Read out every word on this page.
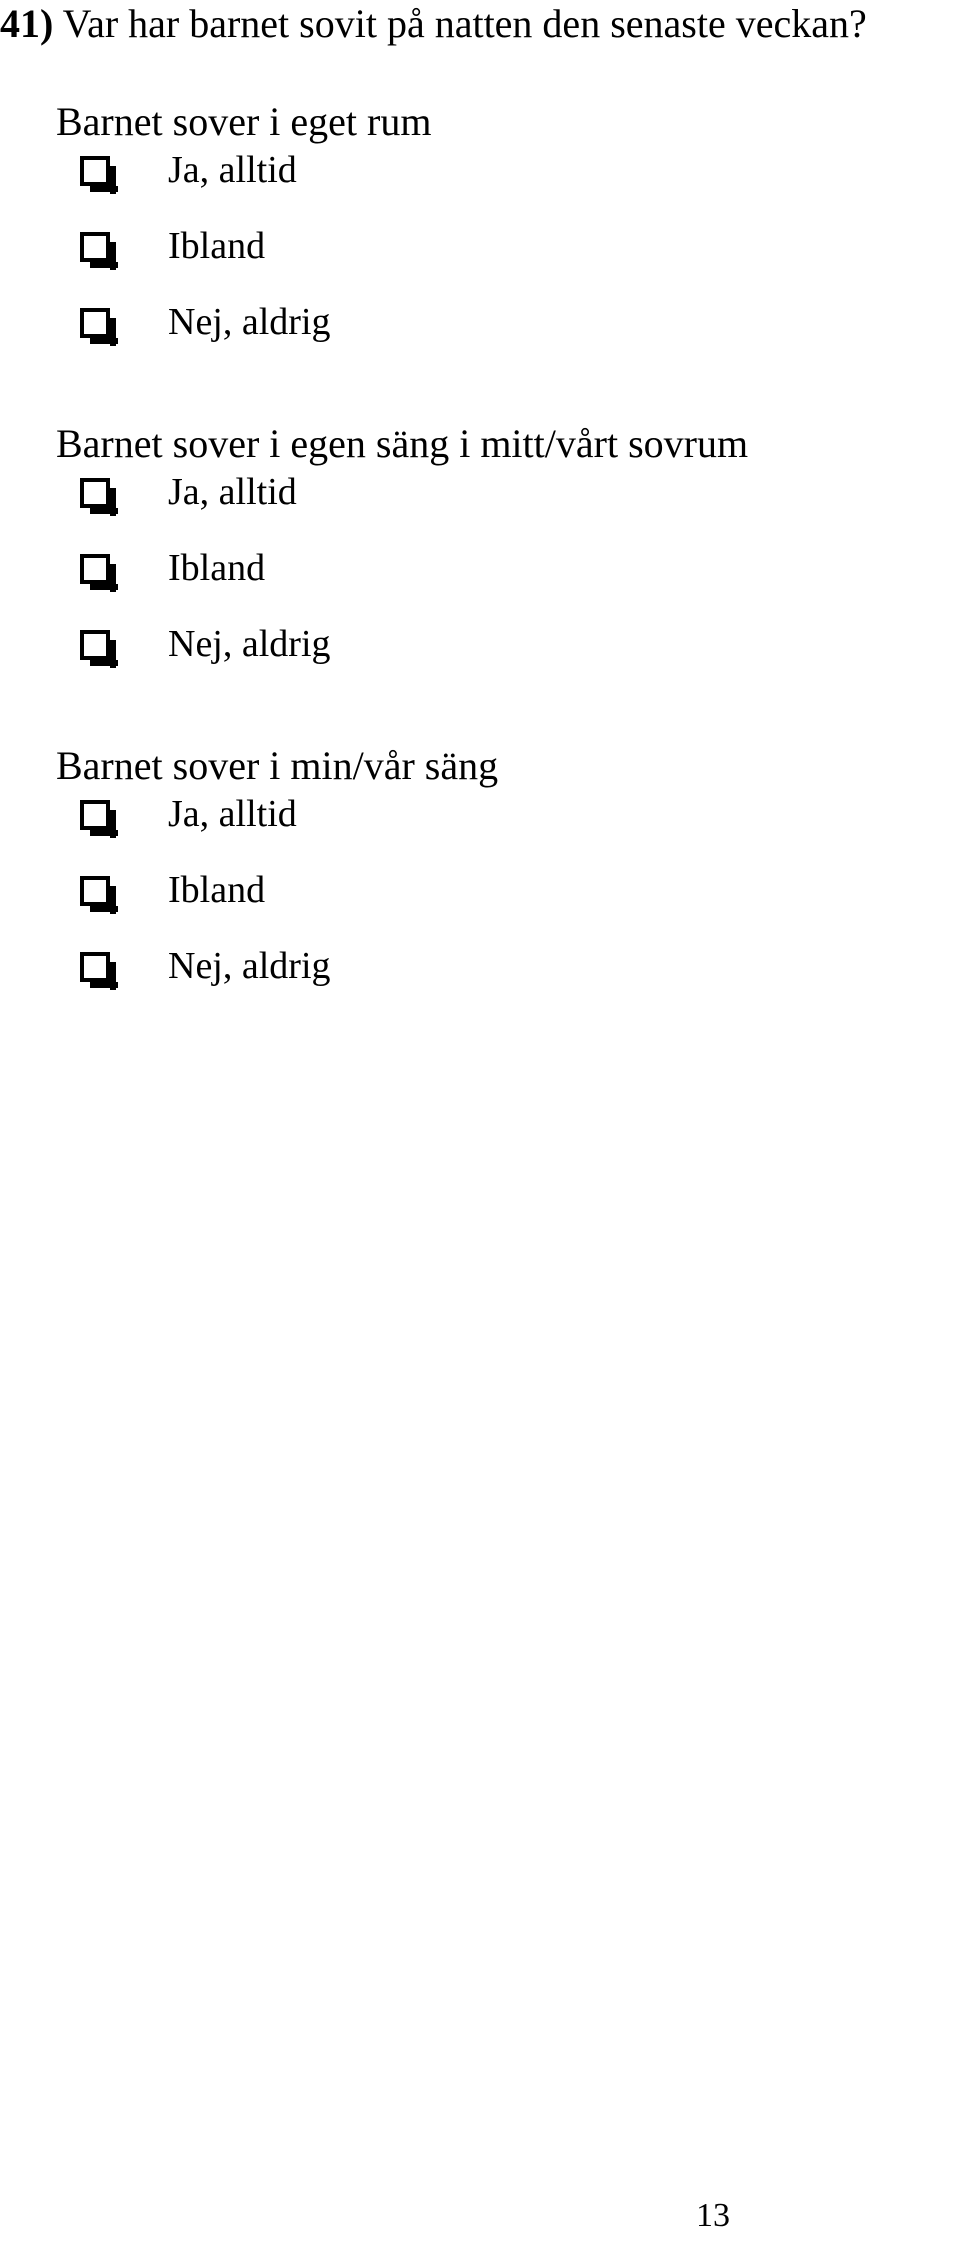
41) Var har barnet sovit på natten den senaste veckan?
Barnet sover i eget rum
Ja, alltid
Ibland
Nej, aldrig
Barnet sover i egen säng i mitt/vårt sovrum
Ja, alltid
Ibland
Nej, aldrig
Barnet sover i min/vår säng
Ja, alltid
Ibland
Nej, aldrig
13
